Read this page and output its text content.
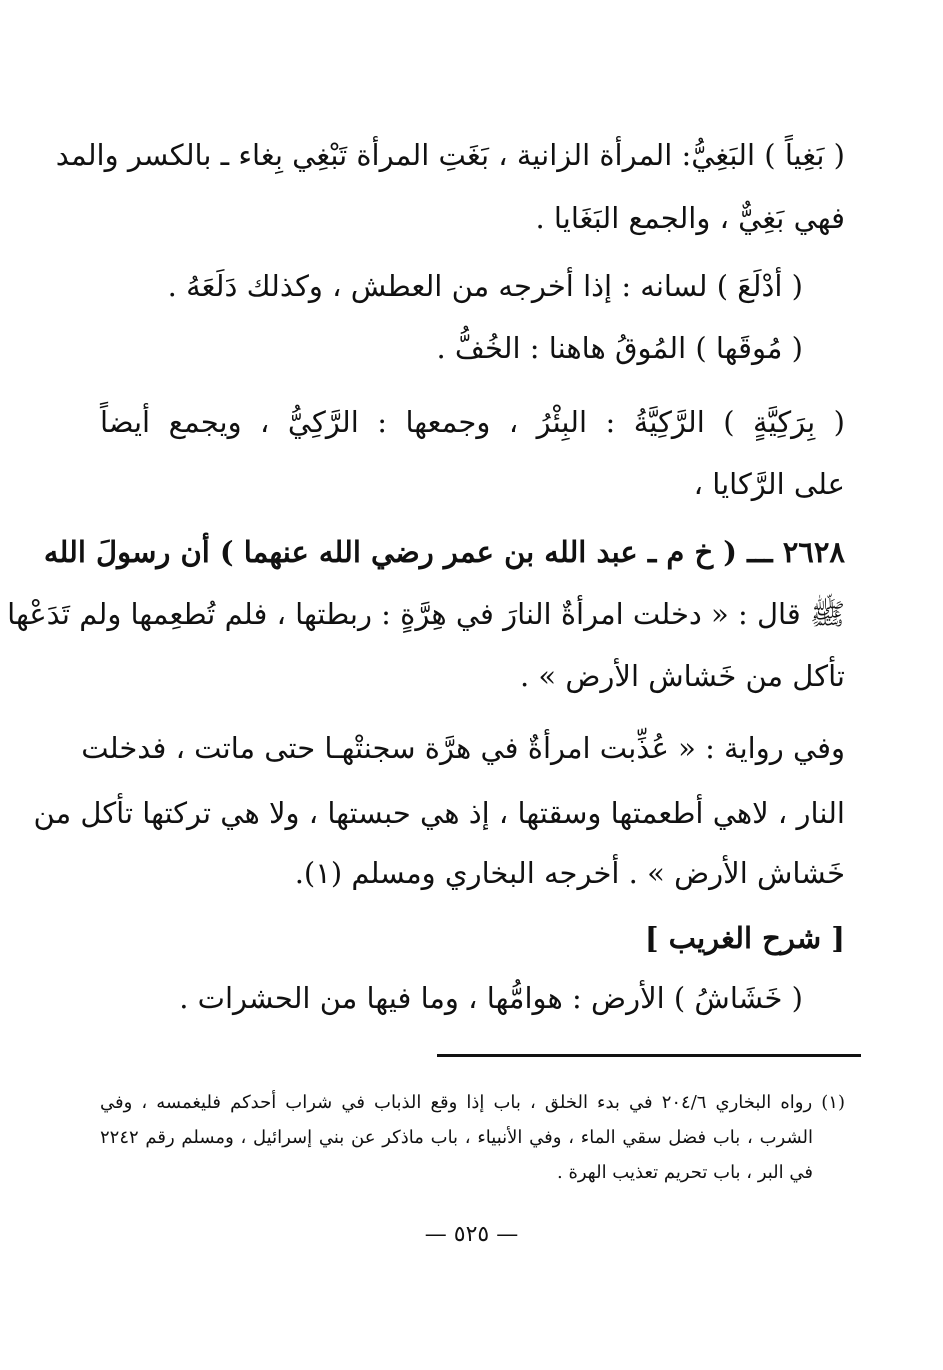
( بَغِياً ) البَغِيُّ: المرأة الزانية ، بَغَتِ المرأة تَبْغِي بِغاء ـ بالكسر والمد
فهي بَغِيٌّ ، والجمع البَغَايا .
( أدْلَعَ ) لسانه : إذا أخرجه من العطش ، وكذلك دَلَعَهُ .
( مُوقَها ) المُوقُ هاهنا : الخُفُّ .
( بِرَكِيَّةٍ ) الرَّكِيَّةُ : البِئْرُ ، وجمعها : الرَّكِيُّ ، ويجمع أيضاً
على الرَّكايا ،
٢٦٢٨ ـــ ( خ م ـ عبد الله بن عمر رضي الله عنهما ) أن رسولَ الله
ﷺ قال : « دخلت امرأةٌ النارَ في هِرَّةٍ : ربطتها ، فلم تُطعِمها ولم تَدَعْها
تأكل من خَشاش الأرض » .
وفي رواية : « عُذِّبت امرأةٌ في هرَّة سجنتْهـا حتى ماتت ، فدخلت
النار ، لاهي أطعمتها وسقتها ، إذ هي حبستها ، ولا هي تركتها تأكل من
خَشاش الأرض » . أخرجه البخاري ومسلم (١).
[ شرح الغريب ]
( خَشَاشُ ) الأرض : هوامُّها ، وما فيها من الحشرات .
(١) رواه البخاري ٢٠٤/٦ في بدء الخلق ، باب إذا وقع الذباب في شراب أحدكم فليغمسه ، وفي
الشرب ، باب فضل سقي الماء ، وفي الأنبياء ، باب ماذكر عن بني إسرائيل ، ومسلم رقم ٢٢٤٢
في البر ، باب تحريم تعذيب الهرة .
— ٥٢٥ —
